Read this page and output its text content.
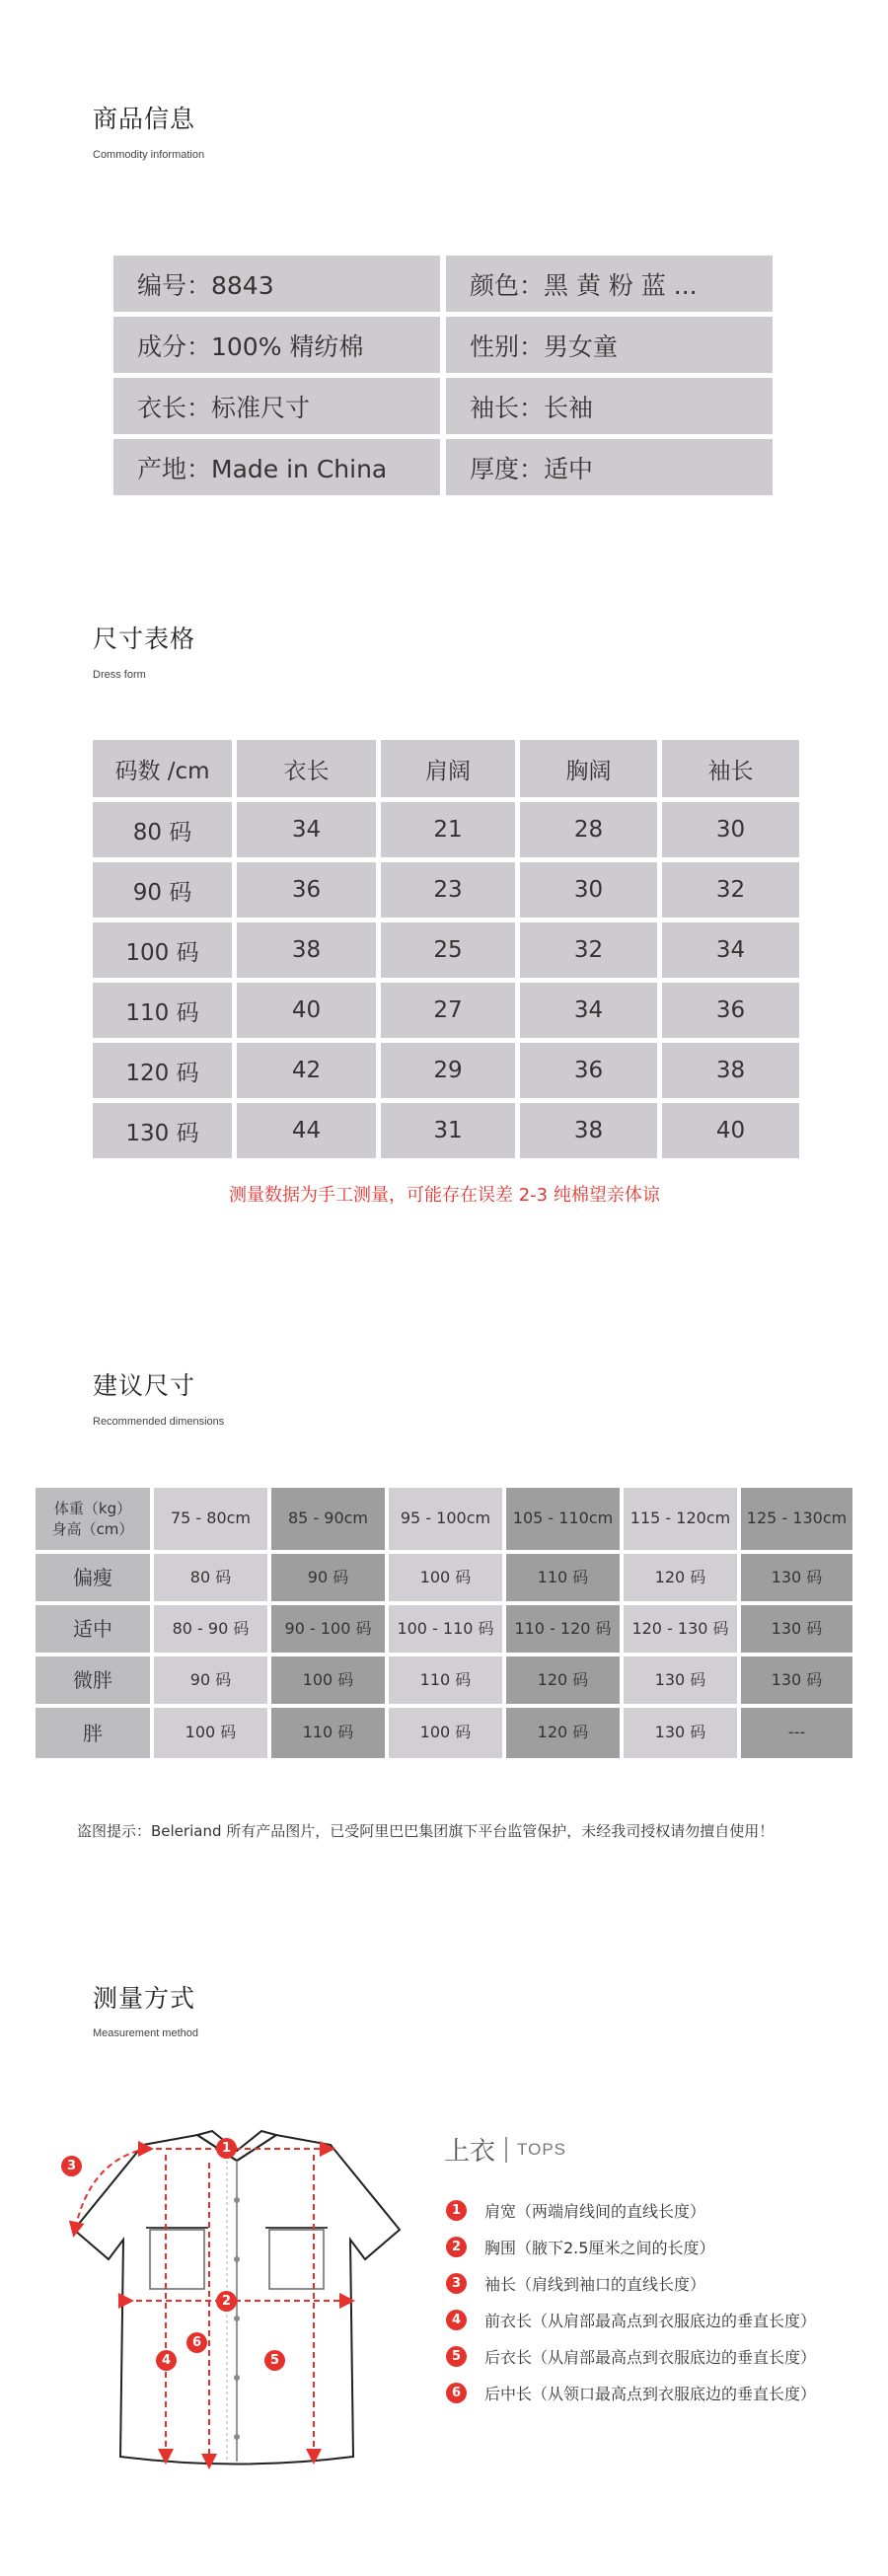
商品信息
Commodity information
编号：8843	颜色：黑 黄 粉 蓝 ...
成分：100% 精纺棉	性别：男女童
衣长：标准尺寸	袖长：长袖
产地：Made in China	厚度：适中
尺寸表格
Dress form
码数 /cm	衣长	肩阔	胸阔	袖长
80 码	34	21	28	30
90 码	36	23	30	32
100 码	38	25	32	34
110 码	40	27	34	36
120 码	42	29	36	38
130 码	44	31	38	40
测量数据为手工测量，可能存在误差 2-3 纯棉望亲体谅
建议尺寸
Recommended dimensions
体重（kg）
身高（cm）
75 - 80cm	85 - 90cm	95 - 100cm	105 - 110cm	115 - 120cm	125 - 130cm
偏瘦	80 码	90 码	100 码	110 码	120 码	130 码
适中	80 - 90 码	90 - 100 码	100 - 110 码	110 - 120 码	120 - 130 码	130 码
微胖	90 码	100 码	110 码	120 码	130 码	130 码
胖	100 码	110 码	100 码	120 码	130 码	---
盗图提示：Beleriand 所有产品图片，已受阿里巴巴集团旗下平台监管保护，未经我司授权请勿擅自使用！
测量方式
Measurement method
1
2
3
4	5
6
上衣 TOPS
1	肩宽（两端肩线间的直线长度）
2	胸围（腋下2.5厘米之间的长度）
3	袖长（肩线到袖口的直线长度）
4	前衣长（从肩部最高点到衣服底边的垂直长度）
5	后衣长（从肩部最高点到衣服底边的垂直长度）
6	后中长（从领口最高点到衣服底边的垂直长度）
